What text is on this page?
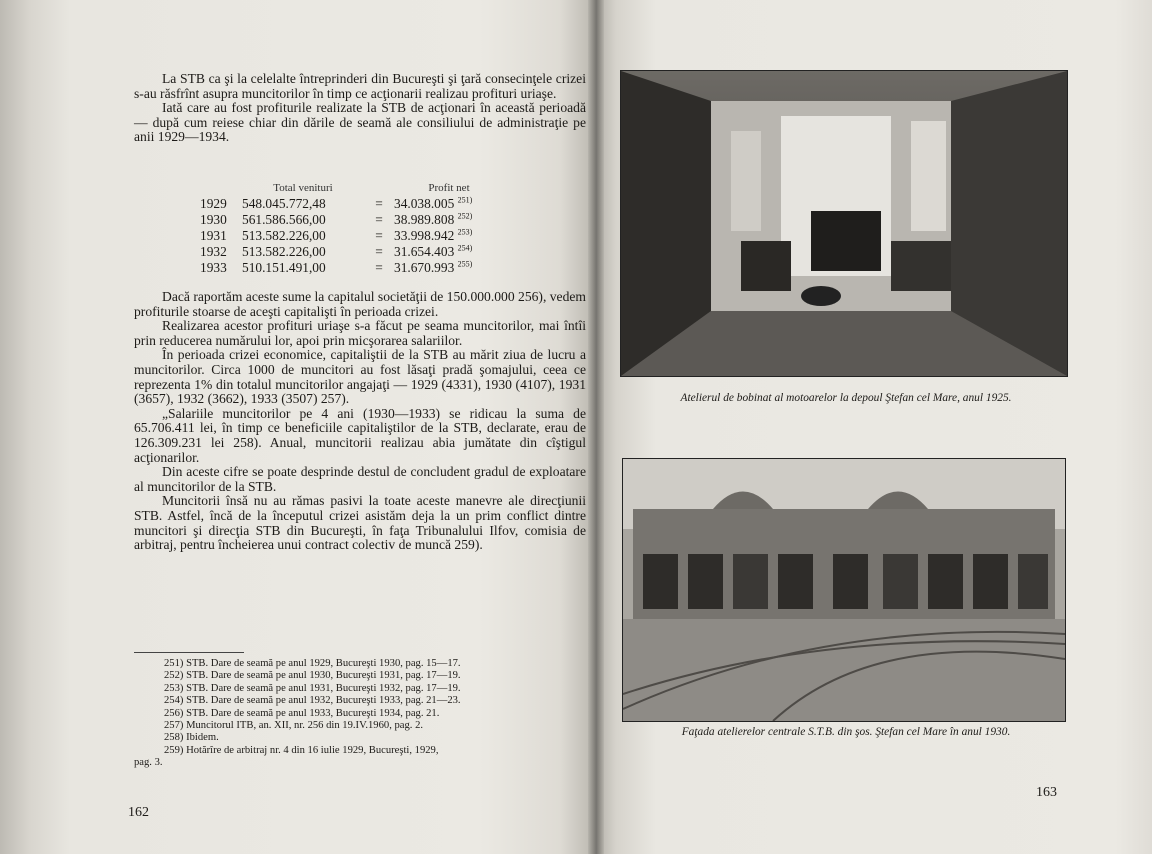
La STB ca şi la celelalte întreprinderi din Bucureşti şi ţară consecinţele crizei s-au răsfrînt asupra muncitorilor în timp ce acţionarii realizau profituri uriaşe.

Iată care au fost profiturile realizate la STB de acţionari în această perioadă — după cum reiese chiar din dările de seamă ale consiliului de administraţie pe anii 1929—1934.

	Total venituri		Profit net
1929	548.045.772,48	=	34.038.005 $^{251)}$
1930	561.586.566,00	=	38.989.808 $^{252)}$
1931	513.582.226,00	=	33.998.942 $^{253)}$
1932	513.582.226,00	=	31.654.403 $^{254)}$
1933	510.151.491,00	=	31.670.993 $^{255)}$

Dacă raportăm aceste sume la capitalul societăţii de 150.000.000 256), vedem profiturile stoarse de aceşti capitalişti în perioada crizei.

Realizarea acestor profituri uriaşe s-a făcut pe seama muncitorilor, mai întîi prin reducerea numărului lor, apoi prin micşorarea salariilor.

În perioada crizei economice, capitaliştii de la STB au mărit ziua de lucru a muncitorilor. Circa 1000 de muncitori au fost lăsaţi pradă şomajului, ceea ce reprezenta 1% din totalul muncitorilor angajaţi — 1929 (4331), 1930 (4107), 1931 (3657), 1932 (3662), 1933 (3507) 257).

„Salariile muncitorilor pe 4 ani (1930—1933) se ridicau la suma de 65.706.411 lei, în timp ce beneficiile capitaliştilor de la STB, declarate, erau de 126.309.231 lei 258). Anual, muncitorii realizau abia jumătate din cîştigul acţionarilor.

Din aceste cifre se poate desprinde destul de concludent gradul de exploatare al muncitorilor de la STB.

Muncitorii însă nu au rămas pasivi la toate aceste manevre ale direcţiunii STB. Astfel, încă de la începutul crizei asistăm deja la un prim conflict dintre muncitori şi direcţia STB din Bucureşti, în faţa Tribunalului Ilfov, comisia de arbitraj, pentru încheierea unui contract colectiv de muncă 259).

251) STB. Dare de seamă pe anul 1929, Bucureşti 1930, pag. 15—17.
252) STB. Dare de seamă pe anul 1930, Bucureşti 1931, pag. 17—19.
253) STB. Dare de seamă pe anul 1931, Bucureşti 1932, pag. 17—19.
254) STB. Dare de seamă pe anul 1932, Bucureşti 1933, pag. 21—23.
256) STB. Dare de seamă pe anul 1933, Bucureşti 1934, pag. 21.
257) Muncitorul ITB, an. XII, nr. 256 din 19.IV.1960, pag. 2.
258) Ibidem.
259) Hotărîre de arbitraj nr. 4 din 16 iulie 1929, Bucureşti, 1929,
pag. 3.
162
Atelierul de bobinat al motoarelor la depoul Ştefan cel Mare, anul 1925.
Faţada atelierelor centrale S.T.B. din şos. Ştefan cel Mare în anul 1930.
163
